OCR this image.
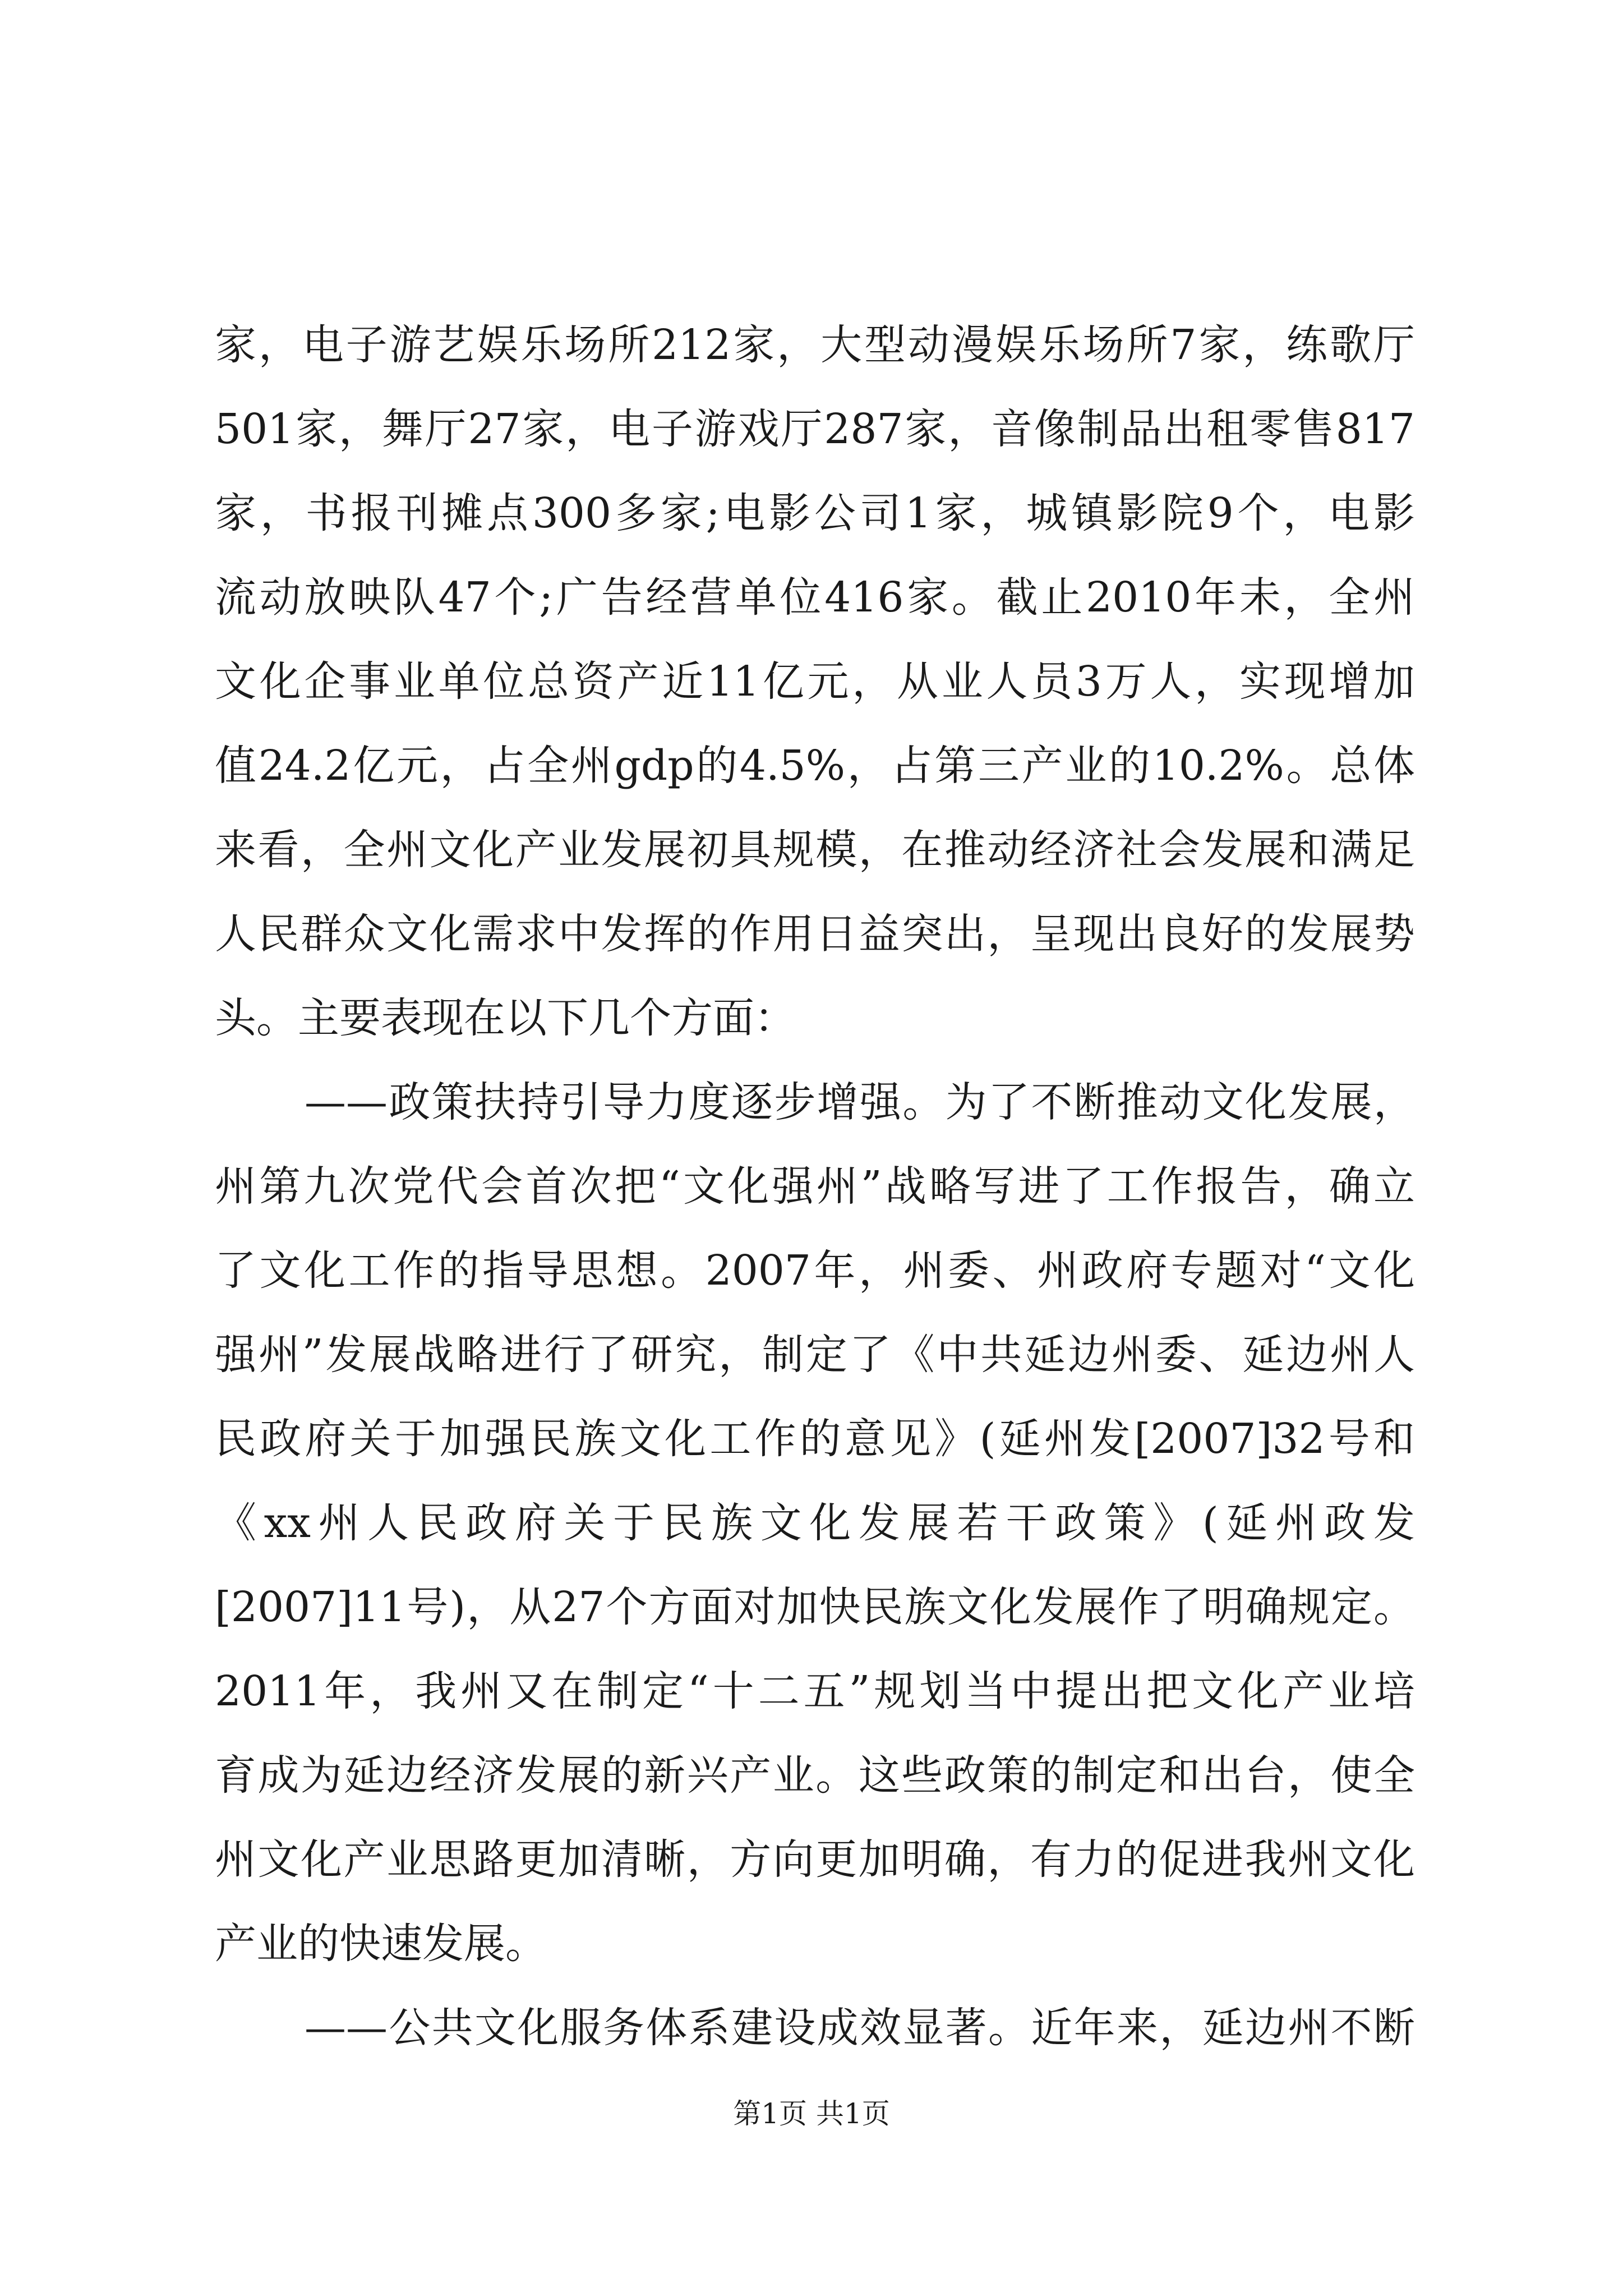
家，电子游艺娱乐场所212家，大型动漫娱乐场所7家，练歌厅
501家，舞厅27家，电子游戏厅287家，音像制品出租零售817
家，书报刊摊点300多家;电影公司1家，城镇影院9个，电影
流动放映队47个;广告经营单位416家。截止2010年未，全州
文化企事业单位总资产近11亿元，从业人员3万人，实现增加
值24.2亿元，占全州gdp的4.5%，占第三产业的10.2%。总体
来看，全州文化产业发展初具规模，在推动经济社会发展和满足
人民群众文化需求中发挥的作用日益突出，呈现出良好的发展势
头。主要表现在以下几个方面：
——政策扶持引导力度逐步增强。为了不断推动文化发展，
州第九次党代会首次把“文化强州”战略写进了工作报告，确立
了文化工作的指导思想。2007年，州委、州政府专题对“文化
强州”发展战略进行了研究，制定了《中共延边州委、延边州人
民政府关于加强民族文化工作的意见》(延州发[2007]32号和
《xx州人民政府关于民族文化发展若干政策》(延州政发
[2007]11号)，从27个方面对加快民族文化发展作了明确规定。
2011年，我州又在制定“十二五”规划当中提出把文化产业培
育成为延边经济发展的新兴产业。这些政策的制定和出台，使全
州文化产业思路更加清晰，方向更加明确，有力的促进我州文化
产业的快速发展。
——公共文化服务体系建设成效显著。近年来，延边州不断
第1页 共1页
